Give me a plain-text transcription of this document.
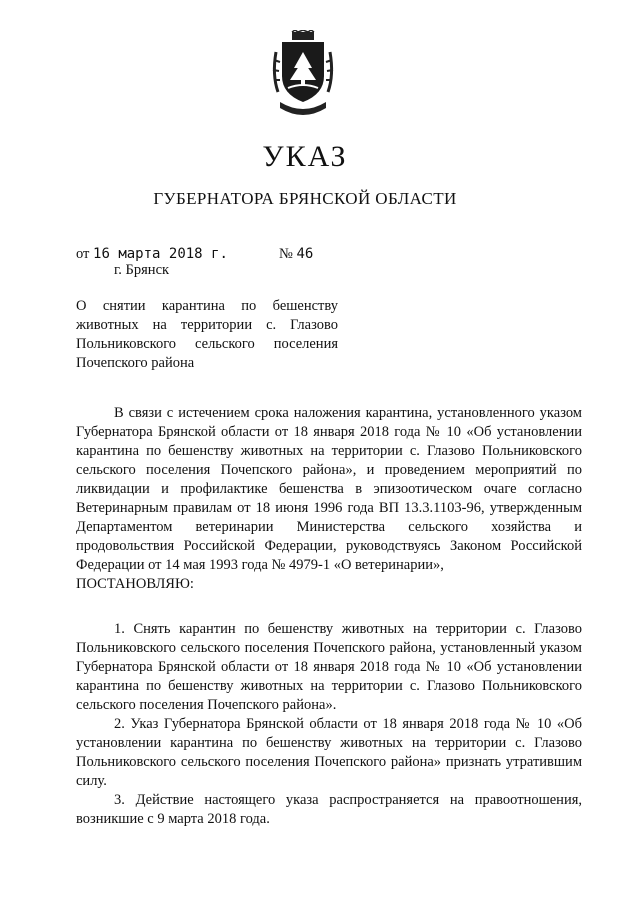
УКАЗ
ГУБЕРНАТОРА БРЯНСКОЙ ОБЛАСТИ
от 16 марта 2018 г.	№ 46
г. Брянск
О снятии карантина по бешенству животных на территории с. Глазово Польниковского сельского поселения Почепского района

В связи с истечением срока наложения карантина, установленного указом Губернатора Брянской области от 18 января 2018 года № 10 «Об установлении карантина по бешенству животных на территории с. Глазово Польниковского сельского поселения Почепского района», и проведением мероприятий по ликвидации и профилактике бешенства в эпизоотическом очаге согласно Ветеринарным правилам от 18 июня 1996 года ВП 13.3.1103-96, утвержденным Департаментом ветеринарии Министерства сельского хозяйства и продовольствия Российской Федерации, руководствуясь Законом Российской Федерации от 14 мая 1993 года № 4979-1 «О ветеринарии»,

ПОСТАНОВЛЯЮ:

1. Снять карантин по бешенству животных на территории с. Глазово Польниковского сельского поселения Почепского района, установленный указом Губернатора Брянской области от 18 января 2018 года № 10 «Об установлении карантина по бешенству животных на территории с. Глазово Польниковского сельского поселения Почепского района».

2. Указ Губернатора Брянской области от 18 января 2018 года № 10 «Об установлении карантина по бешенству животных на территории с. Глазово Польниковского сельского поселения Почепского района» признать утратившим силу.

3. Действие настоящего указа распространяется на правоотношения, возникшие с 9 марта 2018 года.
